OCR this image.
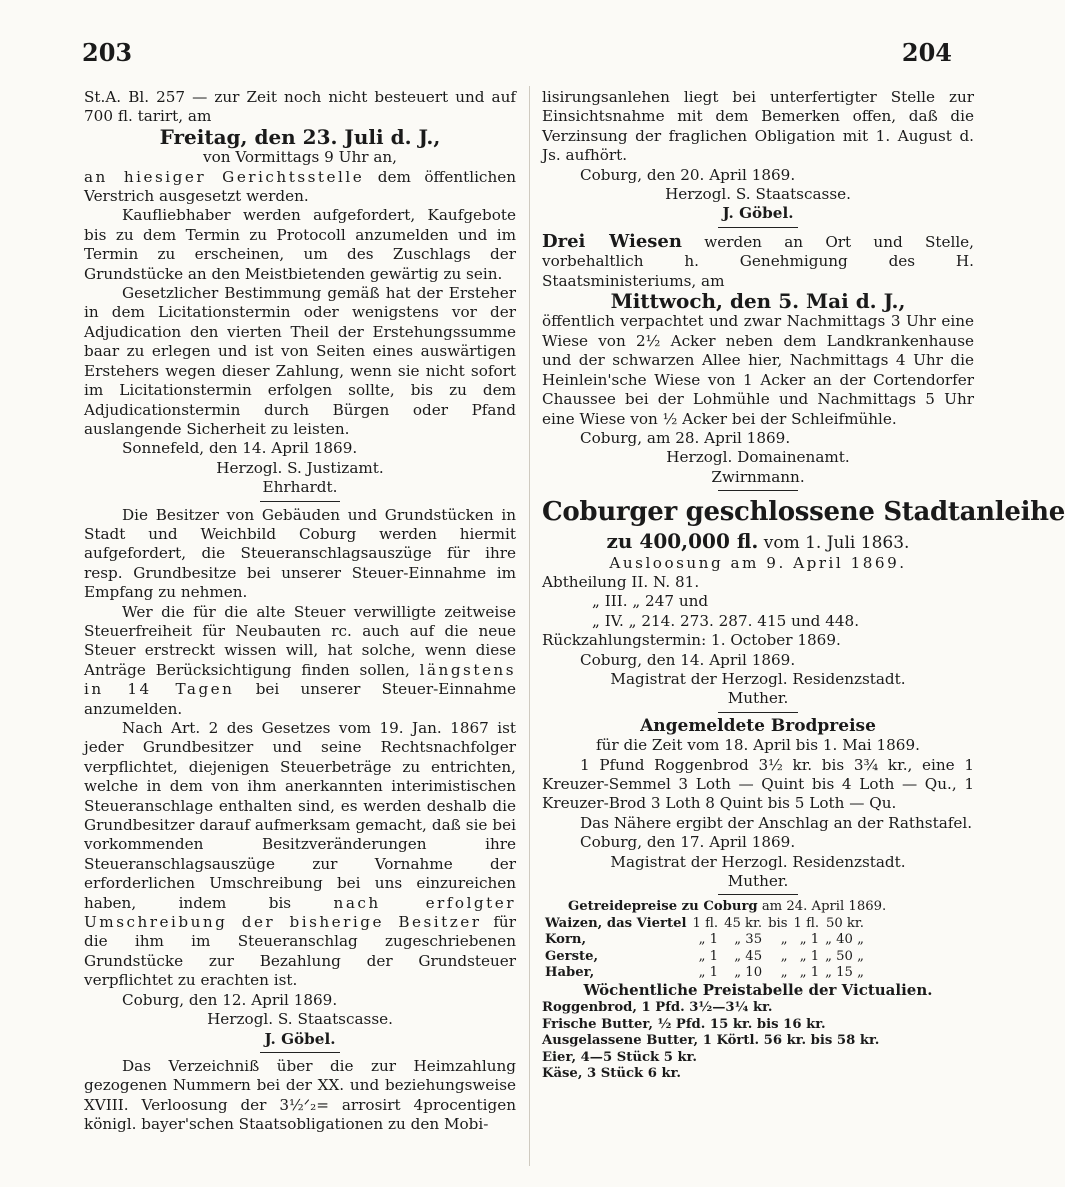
203	204

St.A. Bl. 257 — zur Zeit noch nicht besteuert und auf 700 fl. tarirt, am

Freitag, den 23. Juli d. J.,

von Vormittags 9 Uhr an,

an hiesiger Gerichtsstelle dem öffentlichen Verstrich ausgesetzt werden.

Kaufliebhaber werden aufgefordert, Kaufgebote bis zu dem Termin zu Protocoll anzumelden und im Termin zu erscheinen, um des Zuschlags der Grundstücke an den Meistbietenden gewärtig zu sein.

Gesetzlicher Bestimmung gemäß hat der Ersteher in dem Licitationstermin oder wenigstens vor der Adjudication den vierten Theil der Erstehungssumme baar zu erlegen und ist von Seiten eines auswärtigen Erstehers wegen dieser Zahlung, wenn sie nicht sofort im Licitationstermin erfolgen sollte, bis zu dem Adjudicationstermin durch Bürgen oder Pfand auslangende Sicherheit zu leisten.

Sonnefeld, den 14. April 1869.

Herzogl. S. Justizamt.

Ehrhardt.

Die Besitzer von Gebäuden und Grundstücken in Stadt und Weichbild Coburg werden hiermit aufgefordert, die Steueranschlagsauszüge für ihre resp. Grundbesitze bei unserer Steuer-Einnahme im Empfang zu nehmen.

Wer die für die alte Steuer verwilligte zeitweise Steuerfreiheit für Neubauten rc. auch auf die neue Steuer erstreckt wissen will, hat solche, wenn diese Anträge Berücksichtigung finden sollen, längstens in 14 Tagen bei unserer Steuer-Einnahme anzumelden.

Nach Art. 2 des Gesetzes vom 19. Jan. 1867 ist jeder Grundbesitzer und seine Rechtsnachfolger verpflichtet, diejenigen Steuerbeträge zu entrichten, welche in dem von ihm anerkannten interimistischen Steueranschlage enthalten sind, es werden deshalb die Grundbesitzer darauf aufmerksam gemacht, daß sie bei vorkommenden Besitzveränderungen ihre Steueranschlagsauszüge zur Vornahme der erforderlichen Umschreibung bei uns einzureichen haben, indem bis	nach erfolgter Umschreibung der bisherige Besitzer für die ihm im Steueranschlag zugeschriebenen Grundstücke zur Bezahlung der Grundsteuer verpflichtet zu erachten ist.

Coburg, den 12. April 1869.

Herzogl. S. Staatscasse.

J. Göbel.

Das Verzeichniß über die zur Heimzahlung gezogenen Nummern bei der XX. und beziehungsweise XVIII. Verloosung der 3½ᐟ₂= arrosirt 4procentigen königl. bayer'schen Staatsobligationen zu den Mobi-

lisirungsanlehen liegt bei unterfertigter Stelle zur Einsichtsnahme mit dem Bemerken offen, daß die Verzinsung der fraglichen Obligation mit 1. August d. Js. aufhört.

Coburg, den 20. April 1869.

Herzogl. S. Staatscasse.

J. Göbel.

Drei Wiesen werden an Ort und Stelle, vorbehaltlich h. Genehmigung des H. Staatsministeriums, am

Mittwoch, den 5. Mai d. J.,

öffentlich verpachtet und zwar Nachmittags 3 Uhr eine Wiese von 2½ Acker neben dem Landkrankenhause und der schwarzen Allee hier, Nachmittags 4 Uhr die Heinlein'sche Wiese von 1 Acker an der Cortendorfer Chaussee bei der Lohmühle und Nachmittags 5 Uhr eine Wiese von ½ Acker bei der Schleifmühle.

Coburg, am 28. April 1869.

Herzogl. Domainenamt.

Zwirnmann.

Coburger geschlossene Stadtanleihe

zu 400,000 fl. vom 1. Juli 1863.

Ausloosung am 9. April 1869.

Abtheilung II. N. 81.

„ III. „ 247 und

„ IV. „ 214. 273. 287. 415 und 448.

Rückzahlungstermin: 1. October 1869.

Coburg, den 14. April 1869.

Magistrat der Herzogl. Residenzstadt.

Muther.

Angemeldete Brodpreise

für die Zeit vom 18. April bis 1. Mai 1869.

1 Pfund Roggenbrod 3½ kr. bis 3¾ kr., eine 1 Kreuzer-Semmel 3 Loth — Quint bis 4 Loth — Qu., 1 Kreuzer-Brod 3 Loth 8 Quint bis 5 Loth — Qu.

Das Nähere ergibt der Anschlag an der Rathstafel.

Coburg, den 17. April 1869.

Magistrat der Herzogl. Residenzstadt.

Muther.

Getreidepreise zu Coburg am 24. April 1869.

Waizen, das Viertel	1 fl.	45 kr.	bis	1 fl.	50 kr.
Korn,	„ 1	„ 35	„	„ 1	„ 40 „
Gerste,	„ 1	„ 45	„	„ 1	„ 50 „
Haber,	„ 1	„ 10	„	„ 1	„ 15 „

Wöchentliche Preistabelle der Victualien.

Roggenbrod, 1 Pfd. 3½—3¼ kr.

Frische Butter, ½ Pfd. 15 kr. bis 16 kr.

Ausgelassene Butter, 1 Körtl. 56 kr. bis 58 kr.

Eier, 4—5 Stück 5 kr.

Käse, 3 Stück 6 kr.
